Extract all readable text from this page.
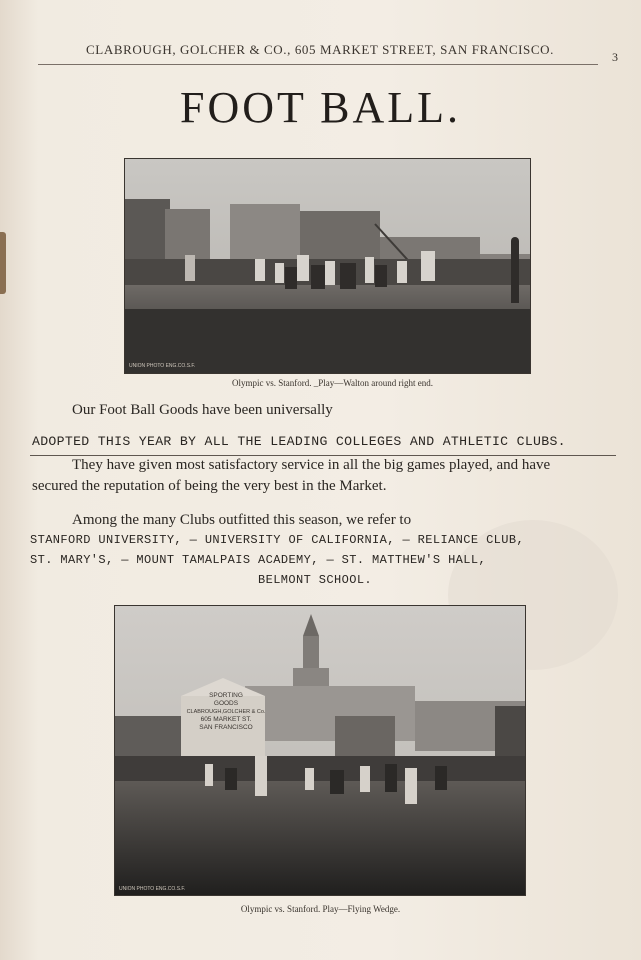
CLABROUGH, GOLCHER & CO., 605 MARKET STREET, SAN FRANCISCO.	3
FOOT BALL.
UNION PHOTO ENG.CO.S.F.
Olympic vs. Stanford. _Play—Walton around right end.
Our Foot Ball Goods have been universally
ADOPTED THIS YEAR BY ALL THE LEADING COLLEGES AND ATHLETIC CLUBS.
They have given most satisfactory service in all the big games played, and have
secured the reputation of being the very best in the Market.
Among the many Clubs outfitted this season, we refer to
STANFORD UNIVERSITY, — UNIVERSITY OF CALIFORNIA, — RELIANCE CLUB,
ST. MARY'S, — MOUNT TAMALPAIS ACADEMY, — ST. MATTHEW'S HALL,
BELMONT SCHOOL.
UNION PHOTO ENG.CO.S.F.
SPORTING
GOODS
CLABROUGH,GOLCHER & Co.
605 MARKET ST.
SAN FRANCISCO
Olympic vs. Stanford. Play—Flying Wedge.
